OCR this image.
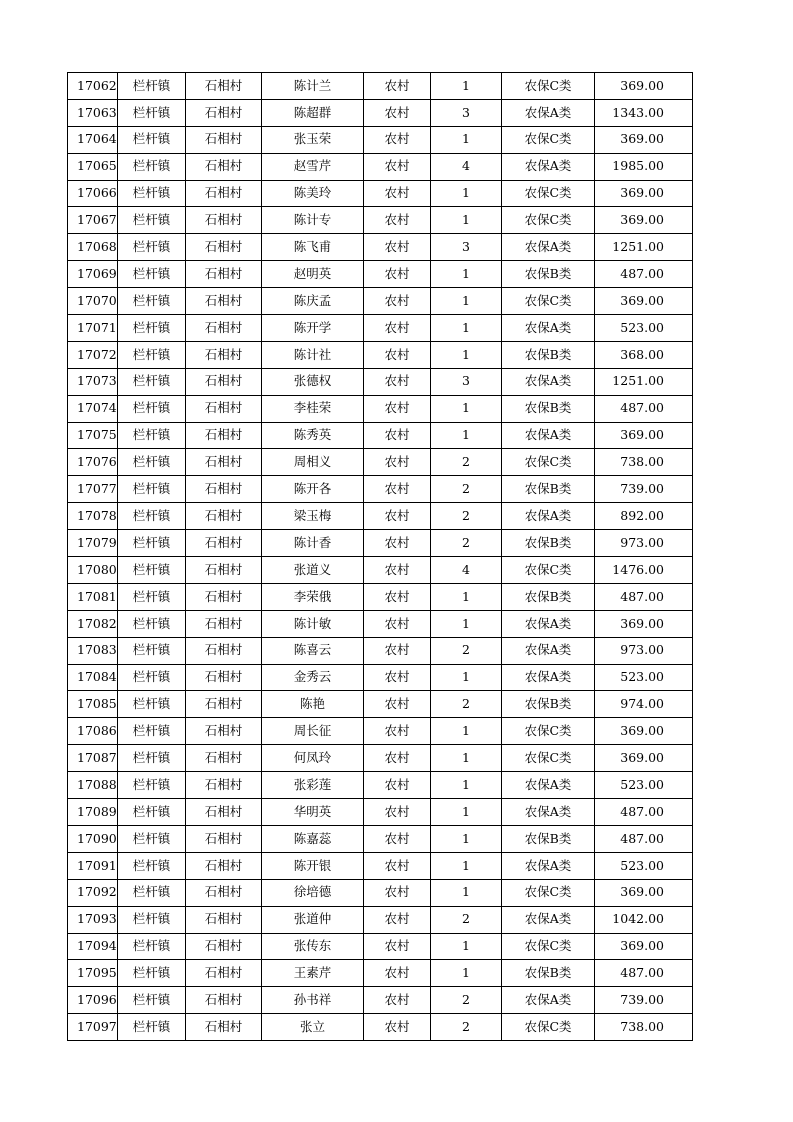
17062	栏杆镇	石相村	陈计兰	农村	1	农保C类	369.00
17063	栏杆镇	石相村	陈超群	农村	3	农保A类	1343.00
17064	栏杆镇	石相村	张玉荣	农村	1	农保C类	369.00
17065	栏杆镇	石相村	赵雪芹	农村	4	农保A类	1985.00
17066	栏杆镇	石相村	陈美玲	农村	1	农保C类	369.00
17067	栏杆镇	石相村	陈计专	农村	1	农保C类	369.00
17068	栏杆镇	石相村	陈飞甫	农村	3	农保A类	1251.00
17069	栏杆镇	石相村	赵明英	农村	1	农保B类	487.00
17070	栏杆镇	石相村	陈庆孟	农村	1	农保C类	369.00
17071	栏杆镇	石相村	陈开学	农村	1	农保A类	523.00
17072	栏杆镇	石相村	陈计社	农村	1	农保B类	368.00
17073	栏杆镇	石相村	张德权	农村	3	农保A类	1251.00
17074	栏杆镇	石相村	李桂荣	农村	1	农保B类	487.00
17075	栏杆镇	石相村	陈秀英	农村	1	农保A类	369.00
17076	栏杆镇	石相村	周相义	农村	2	农保C类	738.00
17077	栏杆镇	石相村	陈开各	农村	2	农保B类	739.00
17078	栏杆镇	石相村	梁玉梅	农村	2	农保A类	892.00
17079	栏杆镇	石相村	陈计香	农村	2	农保B类	973.00
17080	栏杆镇	石相村	张道义	农村	4	农保C类	1476.00
17081	栏杆镇	石相村	李荣俄	农村	1	农保B类	487.00
17082	栏杆镇	石相村	陈计敏	农村	1	农保A类	369.00
17083	栏杆镇	石相村	陈喜云	农村	2	农保A类	973.00
17084	栏杆镇	石相村	金秀云	农村	1	农保A类	523.00
17085	栏杆镇	石相村	陈艳	农村	2	农保B类	974.00
17086	栏杆镇	石相村	周长征	农村	1	农保C类	369.00
17087	栏杆镇	石相村	何凤玲	农村	1	农保C类	369.00
17088	栏杆镇	石相村	张彩莲	农村	1	农保A类	523.00
17089	栏杆镇	石相村	华明英	农村	1	农保A类	487.00
17090	栏杆镇	石相村	陈嘉蕊	农村	1	农保B类	487.00
17091	栏杆镇	石相村	陈开银	农村	1	农保A类	523.00
17092	栏杆镇	石相村	徐培德	农村	1	农保C类	369.00
17093	栏杆镇	石相村	张道仲	农村	2	农保A类	1042.00
17094	栏杆镇	石相村	张传东	农村	1	农保C类	369.00
17095	栏杆镇	石相村	王素芹	农村	1	农保B类	487.00
17096	栏杆镇	石相村	孙书祥	农村	2	农保A类	739.00
17097	栏杆镇	石相村	张立	农村	2	农保C类	738.00
